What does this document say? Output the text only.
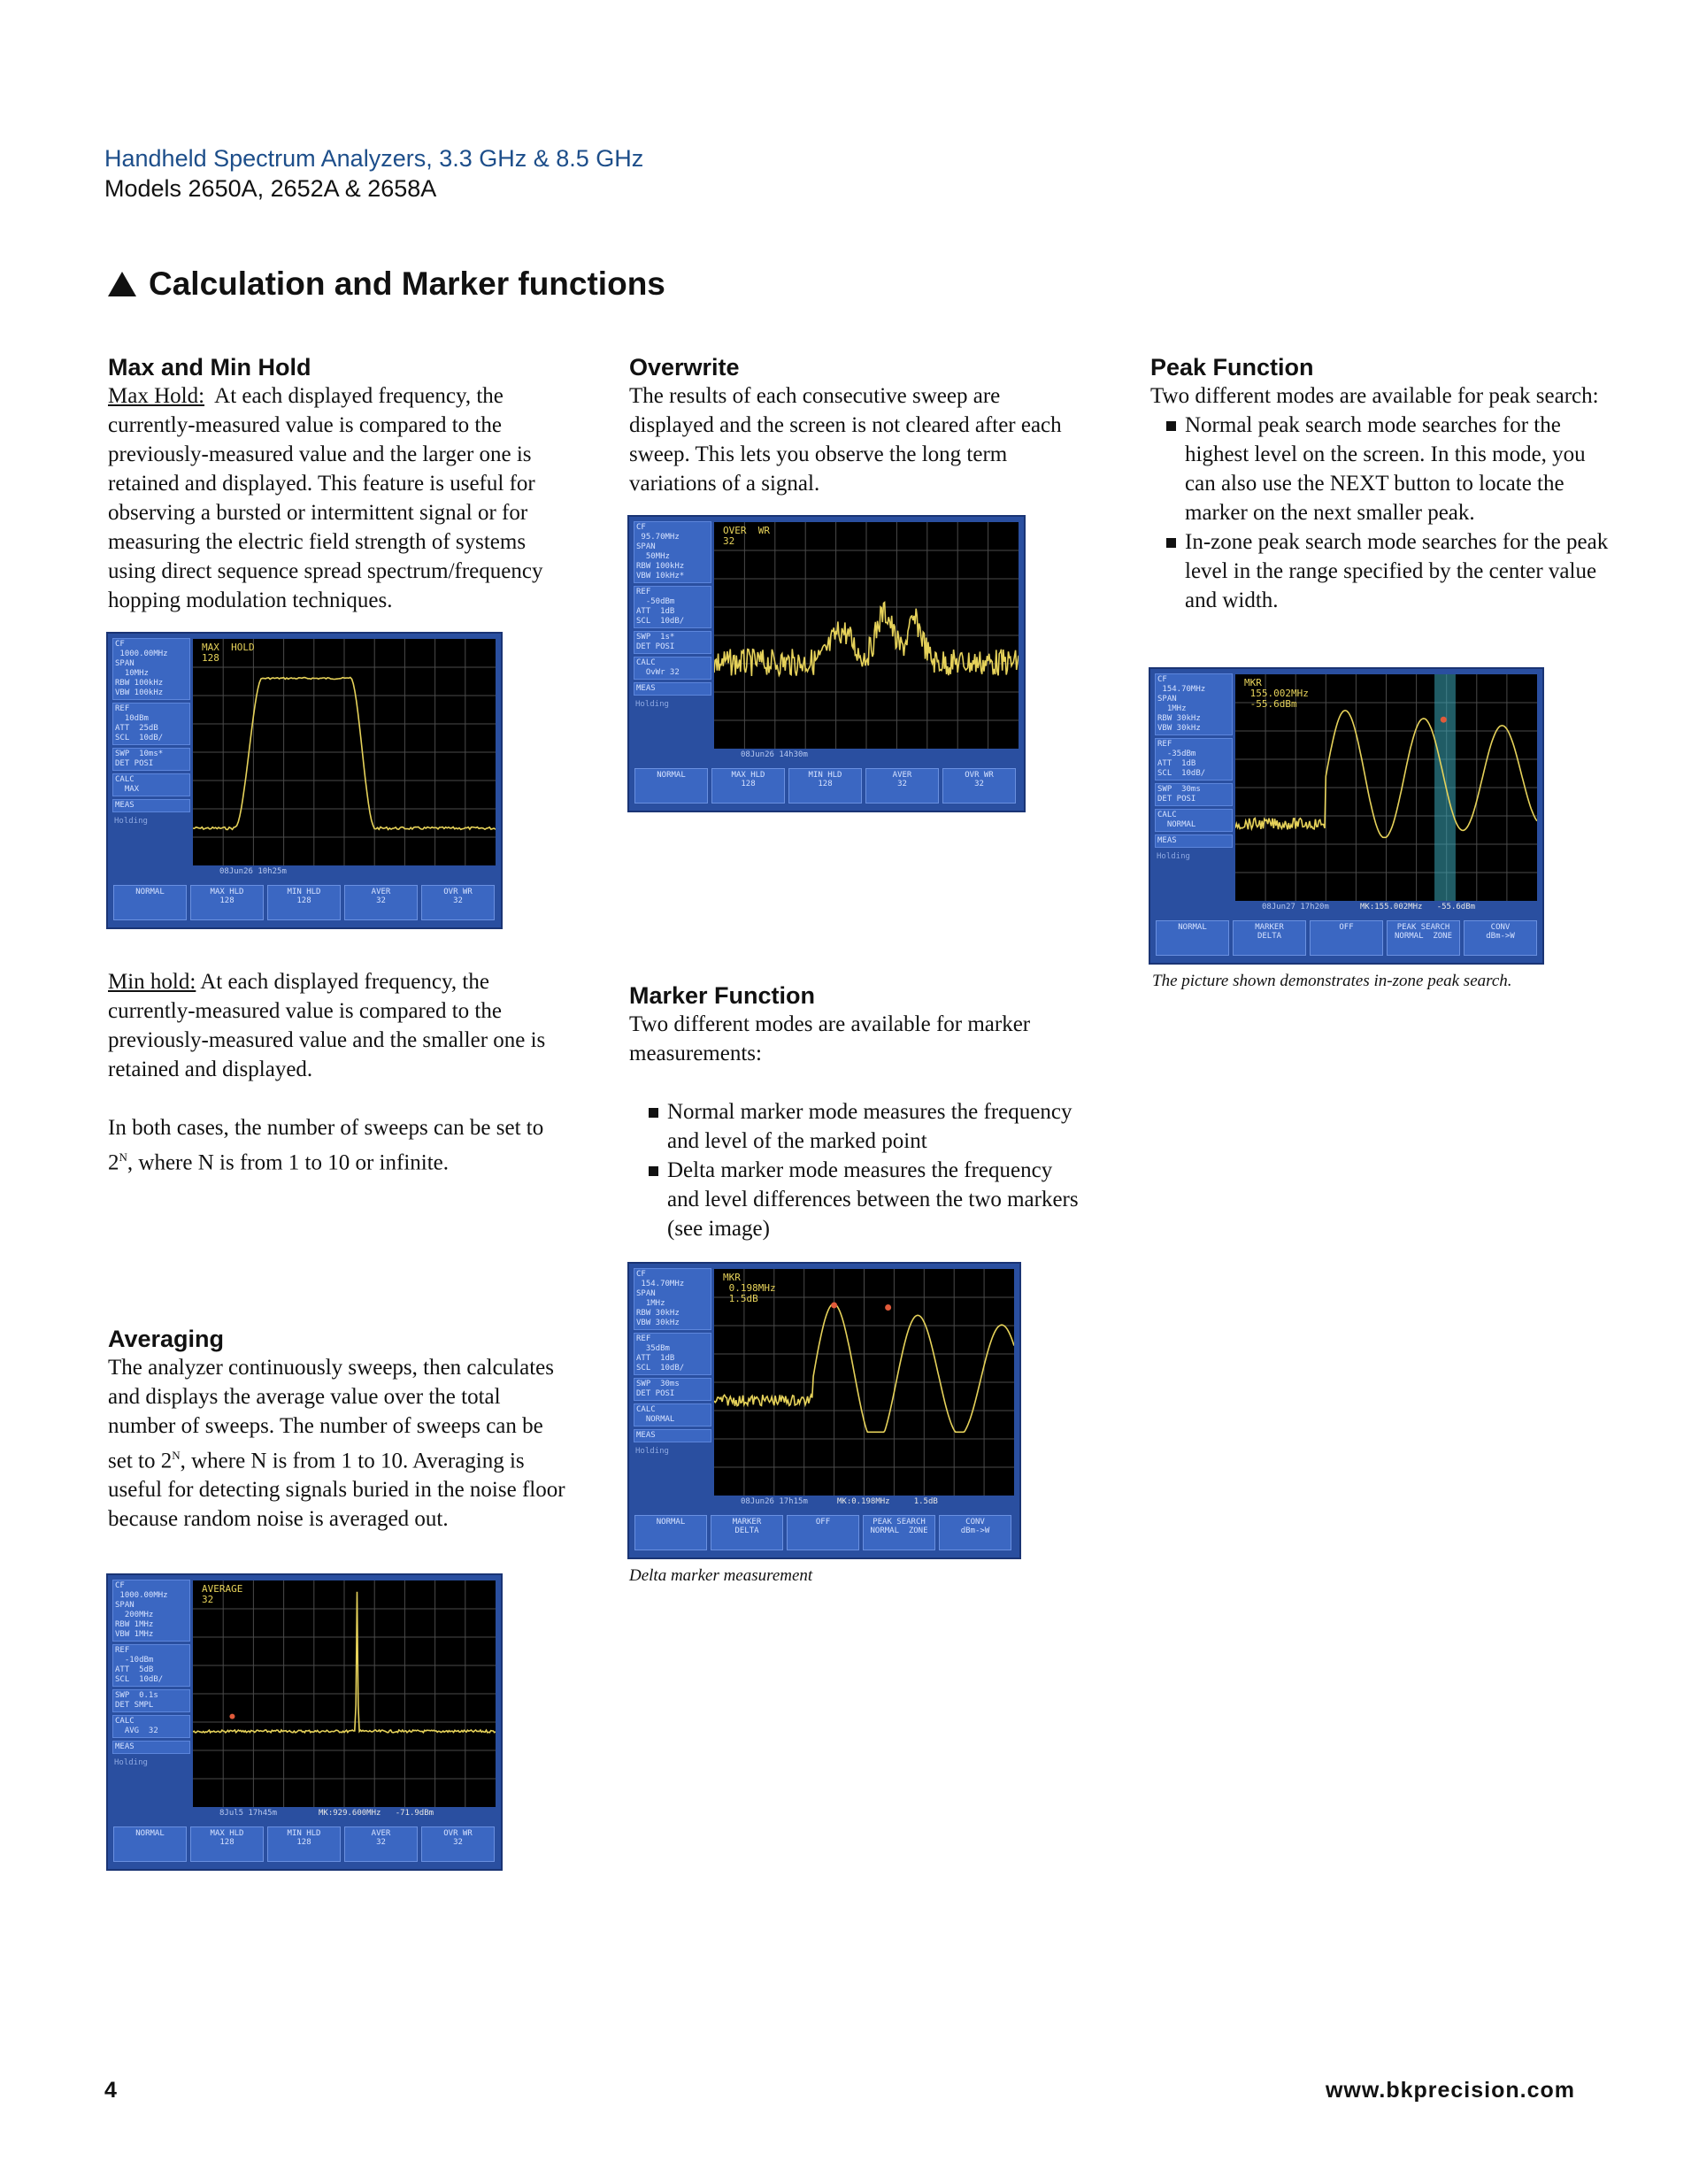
Handheld Spectrum Analyzers, 3.3 GHz & 8.5 GHz
Models 2650A, 2652A & 2658A
Calculation and Marker functions
Max and Min Hold
Max Hold: At each displayed frequency, the currently-measured value is compared to the previously-measured value and the larger one is retained and displayed. This feature is useful for observing a bursted or intermittent signal or for measuring the electric field strength of systems using direct sequence spread spectrum/frequency hopping modulation techniques.
CF
1000.00MHz
SPAN
10MHz
RBW 100kHz
VBW 100kHz
REF
10dBm
ATT  25dB
SCL  10dB/
SWP  10ms*
DET POSI
CALC
MAX
MEAS
Holding
MAX  HOLD
128
08Jun26 10h25m
NORMAL	MAX HLD
128
MIN HLD
128
AVER
32
OVR WR
32
Min hold: At each displayed frequency, the currently-measured value is compared to the previously-measured value and the smaller one is retained and displayed.
In both cases, the number of sweeps can be set to $2^N$, where N is from 1 to 10 or infinite.
Averaging
The analyzer continuously sweeps, then calculates and displays the average value over the total number of sweeps. The number of sweeps can be set to $2^N$, where N is from 1 to 10. Averaging is useful for detecting signals buried in the noise floor because random noise is averaged out.
CF
1000.00MHz
SPAN
200MHz
RBW 1MHz
VBW 1MHz
REF
-10dBm
ATT  5dB
SCL  10dB/
SWP  0.1s
DET SMPL
CALC
AVG  32
MEAS
Holding
AVERAGE
32
8Jul5 17h45m	MK:929.600MHz   -71.9dBm
NORMAL	MAX HLD
128
MIN HLD
128
AVER
32
OVR WR
32
Overwrite
The results of each consecutive sweep are displayed and the screen is not cleared after each sweep. This lets you observe the long term variations of a signal.
CF
95.70MHz
SPAN
50MHz
RBW 100kHz
VBW 10kHz*
REF
-50dBm
ATT  1dB
SCL  10dB/
SWP  1s*
DET POSI
CALC
OvWr 32
MEAS
Holding
OVER  WR
32
08Jun26 14h30m
NORMAL	MAX HLD
128
MIN HLD
128
AVER
32
OVR WR
32
Marker Function
Two different modes are available for marker measurements:
Normal marker mode measures the frequency and level of the marked point
Delta marker mode measures the frequency and level differences between the two markers (see image)
CF
154.70MHz
SPAN
1MHz
RBW 30kHz
VBW 30kHz
REF
35dBm
ATT  1dB
SCL  10dB/
SWP  30ms
DET POSI
CALC
NORMAL
MEAS
Holding
MKR
0.198MHz
1.5dB
08Jun26 17h15m	MK:0.198MHz     1.5dB
NORMAL	MARKER
DELTA
OFF	PEAK SEARCH
NORMAL  ZONE
CONV
dBm->W
Delta marker measurement
Peak Function
Two different modes are available for peak search:
Normal peak search mode searches for the highest level on the screen. In this mode, you can also use the NEXT button to locate the marker on the next smaller peak.
In-zone peak search mode searches for the peak level in the range specified by the center value and width.
CF
154.70MHz
SPAN
1MHz
RBW 30kHz
VBW 30kHz
REF
-35dBm
ATT  1dB
SCL  10dB/
SWP  30ms
DET POSI
CALC
NORMAL
MEAS
Holding
MKR
155.002MHz
-55.6dBm
08Jun27 17h20m	MK:155.002MHz   -55.6dBm
NORMAL	MARKER
DELTA
OFF	PEAK SEARCH
NORMAL  ZONE
CONV
dBm->W
The picture shown demonstrates in-zone peak search.
4	www.bkprecision.com
